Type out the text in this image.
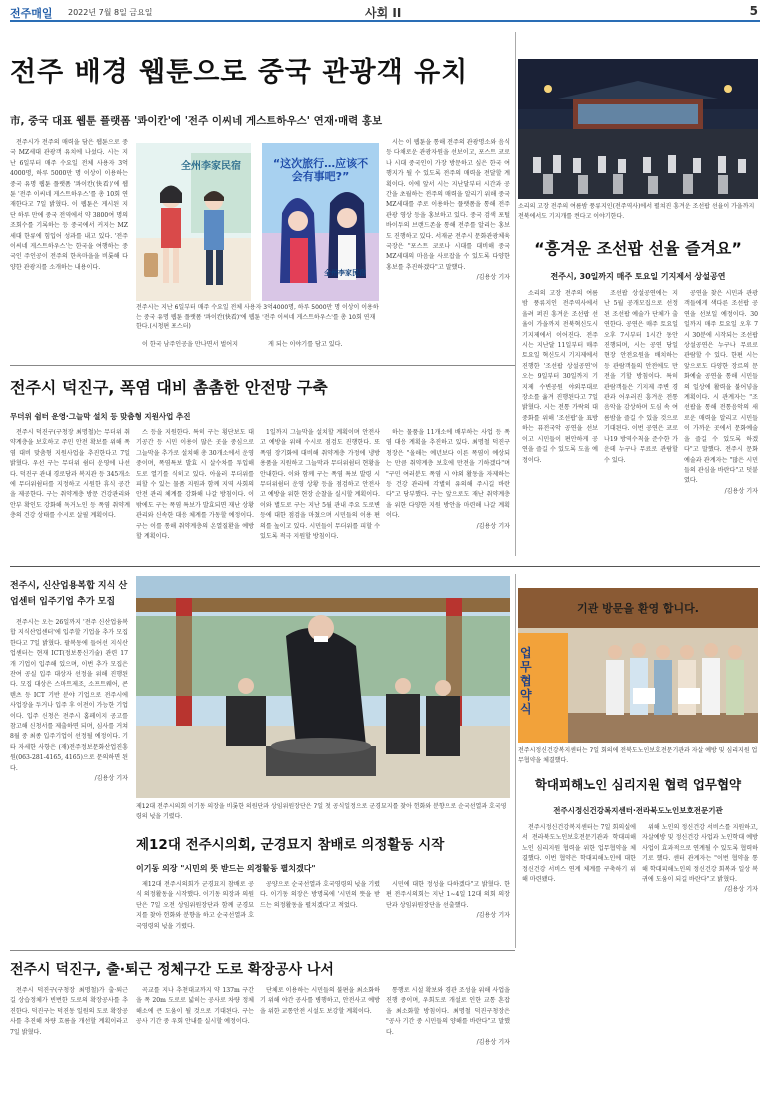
전주매일 2022년 7월 8일 금요일	사회 II	5
전주 배경 웹툰으로 중국 관광객 유치
市, 중국 대표 웹툰 플랫폼 '콰이칸'에 '전주 이씨네 게스트하우스' 연재·매력 홍보

전주시가 전주의 매력을 담은 웹툰으로 중국 MZ세대 관광객 유치에 나섰다. 시는 지난 6일부터 매주 수요일 전체 사용자 3억4000명, 하루 5000만 명 이상이 이용하는 중국 유명 웹툰 플랫폼 '콰이칸(快看)'에 웹툰 '전주 이씨네 게스트하우스'를 총 10회 연재한다고 7일 밝혔다. 이 웹툰은 게시된 지 단 하루 만에 중국 전역에서 약 3800여 명의 조회수를 기록하는 등 중국에서 커지는 MZ세대 한류에 힘입어 성과를 내고 있다. '전주 이씨네 게스트하우스'는 한국을 여행하는 중국인 주인공이 전주의 한옥마을을 비롯해 다양한 관광지를 소개하는 내용이다.

이 한국 남주인공을 만나면서 벌어지	게 되는 이야기를 담고 있다.

시는 이 웹툰을 통해 전주의 관광명소와 음식 등 다채로운 관광자원을 선보이고, 포스트 코로나 시대 중국인이 가장 방문하고 싶은 한국 여행지가 될 수 있도록 전주의 매력을 전달할 계획이다. 이에 앞서 시는 지난달부터 시간과 공간을 초월하는 전주의 매력을 알리기 위해 중국 MZ세대를 주로 이용하는 플랫폼을 통해 전주 관광 영상 등을 홍보하고 있다. 중국 검색 포털 바이두의 브랜드존을 통해 전주를 알리는 홍보도 진행하고 있다. 서재균 전주시 문화관광체육국장은 "포스트 코로나 시대를 대비해 중국 MZ세대의 마음을 사로잡을 수 있도록 다양한 홍보를 추진하겠다"고 말했다.

/김용상 기자
全州李家民宿	“这次旅行…应该不会有事吧?”
全州李家民宿
전주시는 지난 6일부터 매주 수요일 전체 사용자 3억4000명, 하루 5000만 명 이상이 이용하는 중국 유명 웹툰 플랫폼 '콰이칸(快看)'에 웹툰 '전주 이씨네 게스트하우스'를 총 10회 연재한다.(시청편 포스터)
소리의 고장 전주의 여름밤 풍류지인(전주역사)에서 펼쳐진 흥겨운 조선팝 선율이 가을까지 전북에서도 기지개를 켠다고 이야기한다.
“흥겨운 조선팝 선율 즐겨요”
전주시, 30일까지 매주 토요일 기지제서 상설공연

소리의 고장 전주의 여름밤 풍류지인 전주역사에서 울려 퍼진 흥겨운 조선팝 선율이 가을까지 전북혁신도시 기지제에서 이어진다. 전주시는 지난달 11일부터 매주 토요일 혁신도시 기지제에서 진행한 '조선팝 상설공연'이 오는 9일부터 30일까지 기지제 수변공원 야외무대로 장소를 옮겨 진행된다고 7일 밝혔다. 시는 전통 가락의 대중화를 위해 '조선팝'을 표방하는 퓨전국악 공연을 선보이고 시민들이 편안하게 공연을 즐길 수 있도록 도울 예정이다.

조선팝 상설공연에는 지난 5월 공개모집으로 선정된 조선팝 예술가 단체가 출연한다. 공연은 매주 토요일 오후 7시부터 1시간 동안 진행되며, 시는 공연 당일 현장 안전요원을 배치하는 등 관람객들의 안전에도 만전을 기할 방침이다. 특히 관람객들은 기지제 주변 경관과 어우러진 흥겨운 전통음악을 감상하며 도심 속 여름밤을 즐길 수 있을 것으로 기대된다. 이번 공연은 코로나19 방역수칙을 준수한 가운데 누구나 무료로 관람할 수 있다.

공연을 찾은 시민과 관광객들에게 색다른 조선팝 공연을 선보일 예정이다. 30일까지 매주 토요일 오후 7시 30분에 시작되는 조선팝 상설공연은 누구나 무료로 관람할 수 있다. 한편 시는 앞으로도 다양한 장르의 문화예술 공연을 통해 시민들의 일상에 활력을 불어넣을 계획이다. 시 관계자는 "조선팝을 통해 전통음악의 새로운 매력을 알리고 시민들이 가까운 곳에서 문화예술을 즐길 수 있도록 하겠다"고 말했다. 전주시 문화예술과 관계자는 "많은 시민들의 관심을 바란다"고 덧붙였다.

/김용상 기자
전주시 덕진구, 폭염 대비 촘촘한 안전망 구축
무더위 쉼터 운영·그늘막 설치 등 맞춤형 지원사업 추진

전주시 덕진구(구청장 최명철)는 무더위 취약계층을 보호하고 주민 안전 확보를 위해 폭염 대비 맞춤형 지원사업을 추진한다고 7일 밝혔다. 우선 구는 무더위 쉼터 운영에 나선다. 덕진구 관내 경로당과 복지관 등 345개소에 무더위쉼터를 지정하고 시원한 휴식 공간을 제공한다. 구는 취약계층 방문 건강관리와 안부 확인도 강화해 독거노인 등 폭염 취약계층의 건강 상태를 수시로 살필 계획이다.

스 등을 지원한다. 특히 구는 횡단보도 대기공간 등 시민 이용이 많은 곳을 중심으로 그늘막을 추가로 설치해 총 30개소에서 운영 중이며, 폭염특보 발효 시 살수차를 투입해 도로 열기를 식히고 있다. 아울러 무더위를 피할 수 있는 물품 지원과 함께 지역 사회의 안전 관리 체계를 강화해 나갈 방침이다. 이밖에도 구는 폭염 특보가 발효되면 재난 상황 관리와 신속한 대응 체계를 가동할 예정이다. 구는 이를 통해 취약계층의 온열질환을 예방할 계획이다.

1일까지 그늘막을 설치할 계획이며 안전사고 예방을 위해 수시로 점검도 진행한다. 또 폭염 장기화에 대비해 취약계층 가정에 냉방용품을 지원하고 그늘막과 무더위쉼터 현황을 안내한다. 이와 함께 구는 폭염 특보 발령 시 무더위쉼터 운영 상황 등을 점검하고 안전사고 예방을 위한 현장 순찰을 실시할 계획이다. 이와 별도로 구는 지난 5월 관내 주요 도로변 등에 대한 점검을 마쳤으며 시민들의 이용 편의를 높이고 있다. 시민들이 무더위를 피할 수 있도록 적극 지원할 방침이다.

하는 물품을 11개소에 배부하는 사업 등 폭염 대응 계획을 추진하고 있다. 최명철 덕진구청장은 "올해는 예년보다 이른 폭염이 예상되는 만큼 취약계층 보호에 만전을 기하겠다"며 "구민 여러분도 폭염 시 야외 활동을 자제하는 등 건강 관리에 각별히 유의해 주시길 바란다"고 당부했다. 구는 앞으로도 재난 취약계층을 위한 다양한 지원 방안을 마련해 나갈 계획이다.

/김용상 기자
전주시, 신산업용복합 지식 산업센터 입주기업 추가 모집

전주시는 오는 26일까지 '전주 신산업융복합 지식산업센터'에 입주할 기업을 추가 모집한다고 7일 밝혔다. 팔복동에 들어선 지식산업센터는 현재 ICT(정보통신기술) 관련 17개 기업이 입주해 있으며, 이번 추가 모집은 잔여 공실 입주 대상자 선정을 위해 진행된다. 모집 대상은 스마트제조, 소프트웨어, 콘텐츠 등 ICT 기반 분야 기업으로 전주시에 사업장을 두거나 입주 후 이전이 가능한 기업이다. 입주 신청은 전주시 홈페이지 공고를 참고해 신청서를 제출하면 되며, 심사를 거쳐 8월 중 최종 입주기업이 선정될 예정이다. 기타 자세한 사항은 (재)전주정보문화산업진흥원(063-281-4165, 4165)으로 문의하면 된다.

/김용상 기자
제12대 전주시의회 이기동 의장을 비롯한 의원단과 상임위원장단은 7일 첫 공식일정으로 군경묘지를 찾아 헌화와 분향으로 순국선열과 호국영령의 넋을 기렸다.
제12대 전주시의회, 군경묘지 참배로 의정활동 시작
이기동 의장 "시민의 뜻 받드는 의정활동 펼치겠다"

제12대 전주시의회가 군경묘지 참배로 공식 의정활동을 시작했다. 이기동 의장과 의원단은 7일 오전 상임위원장단과 함께 군경묘지를 찾아 헌화와 분향을 하고 순국선열과 호국영령의 넋을 기렸다.

공양으로 순국선열과 호국영령의 넋을 기렸다. 이기동 의장은 방명록에 '시민의 뜻을 받드는 의정활동을 펼치겠다'고 적었다.

시민에 대한 정성을 다하겠다"고 밝혔다. 한편 전주시의회는 지난 1~4일 12대 의회 의장단과 상임위원장단을 선출했다.

/김용상 기자
기관 방문을 환영 합니다.
업무협약식
전주시정신건강복지센터는 7일 회의에 전북도노인보호전문기관과 자살 예방 및 심리지원 업무협약을 체결했다.
학대피해노인 심리지원 협력 업무협약
전주시정신건강복지센터·전라북도노인보호전문기관

전주시정신건강복지센터는 7일 회의실에서 전라북도노인보호전문기관과 학대피해노인 심리지원 협력을 위한 업무협약을 체결했다. 이번 협약은 학대피해노인에 대한 정신건강 서비스 연계 체계를 구축하기 위해 마련됐다.

위해 노인의 정신건강 서비스를 지원하고, 자살예방 및 정신건강 사업과 노인학대 예방사업이 효과적으로 연계될 수 있도록 협력하기로 했다. 센터 관계자는 "이번 협약을 통해 학대피해노인의 정신건강 회복과 일상 복귀에 도움이 되길 바란다"고 밝혔다.

/김용상 기자
전주시 덕진구, 출·퇴근 정체구간 도로 확장공사 나서

전주시 덕진구(구청장 최명철)가 출·퇴근길 상습정체가 빈번한 도로의 확장공사를 추진한다. 덕진구는 덕진동 일원의 도로 확장공사를 추진해 차량 흐름을 개선할 계획이라고 7일 밝혔다.

곡교를 지나 추천대교까지 약 137m 구간을 폭 20m 도로로 넓히는 공사로 차량 정체 해소에 큰 도움이 될 것으로 기대된다. 구는 공사 기간 중 우회 안내를 실시할 예정이다.

단체로 이용하는 시민들의 불편을 최소화하기 위해 야간 공사를 병행하고, 안전사고 예방을 위한 교통안전 시설도 보강할 계획이다.

통행로 시설 확보와 경관 조성을 위해 사업을 진행 중이며, 우회도로 개설로 인한 교통 혼잡을 최소화할 방침이다. 최명철 덕진구청장은 "공사 기간 중 시민들의 양해를 바란다"고 말했다.

/김용상 기자
